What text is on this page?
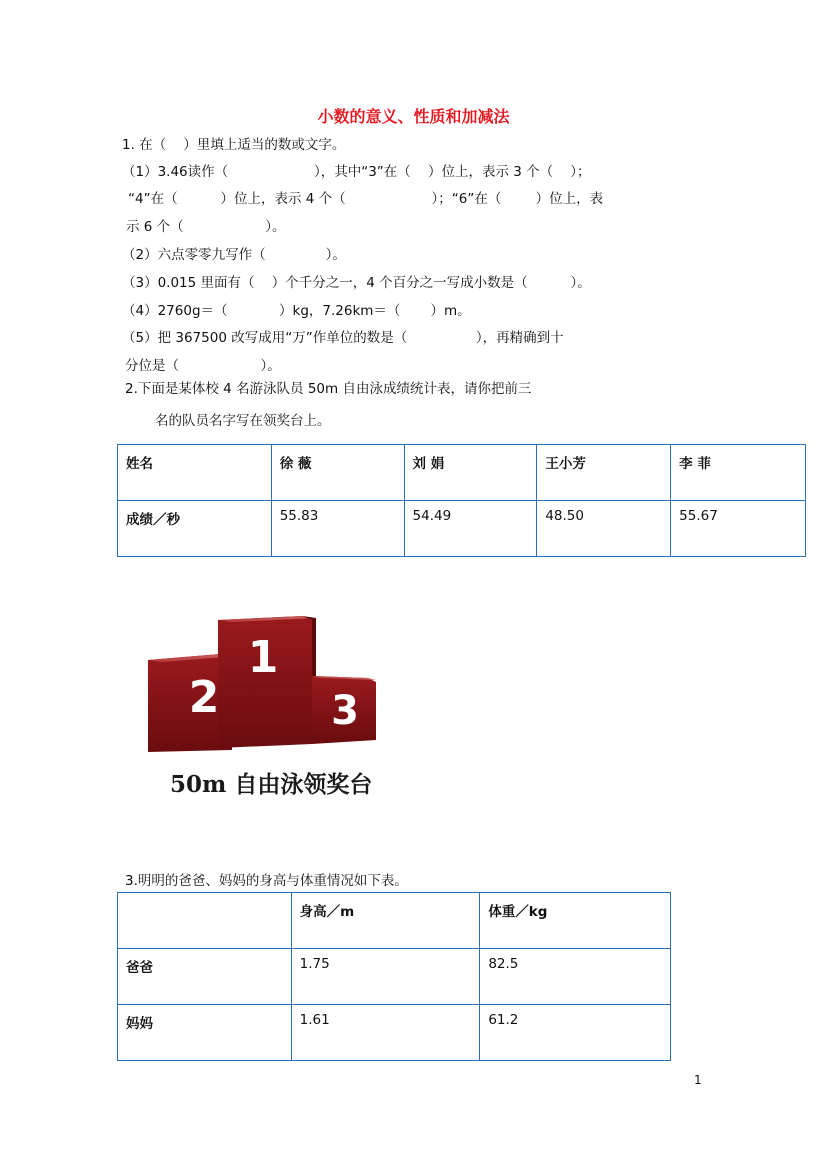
小数的意义、性质和加减法
1. 在（    ）里填上适当的数或文字。
（1）3.46读作（                    ），其中“3”在（    ）位上，表示 3 个（    ）；
“4”在（          ）位上，表示 4 个（                    ）；“6”在（        ）位上，表
示 6 个（                   ）。
（2）六点零零九写作（              ）。
（3）0.015 里面有（    ）个千分之一，4 个百分之一写成小数是（          ）。
（4）2760g＝（            ）kg，7.26km＝（       ）m。
（5）把 367500 改写成用“万”作单位的数是（                ），再精确到十
分位是（                   ）。
2.下面是某体校 4 名游泳队员 50m 自由泳成绩统计表，请你把前三
名的队员名字写在领奖台上。
姓名	徐 薇	刘 娟	王小芳	李 菲
成绩／秒	55.83	54.49	48.50	55.67
1
2	3
50m 自由泳领奖台
3.明明的爸爸、妈妈的身高与体重情况如下表。
	身高／m	体重／kg
爸爸	1.75	82.5
妈妈	1.61	61.2
1
